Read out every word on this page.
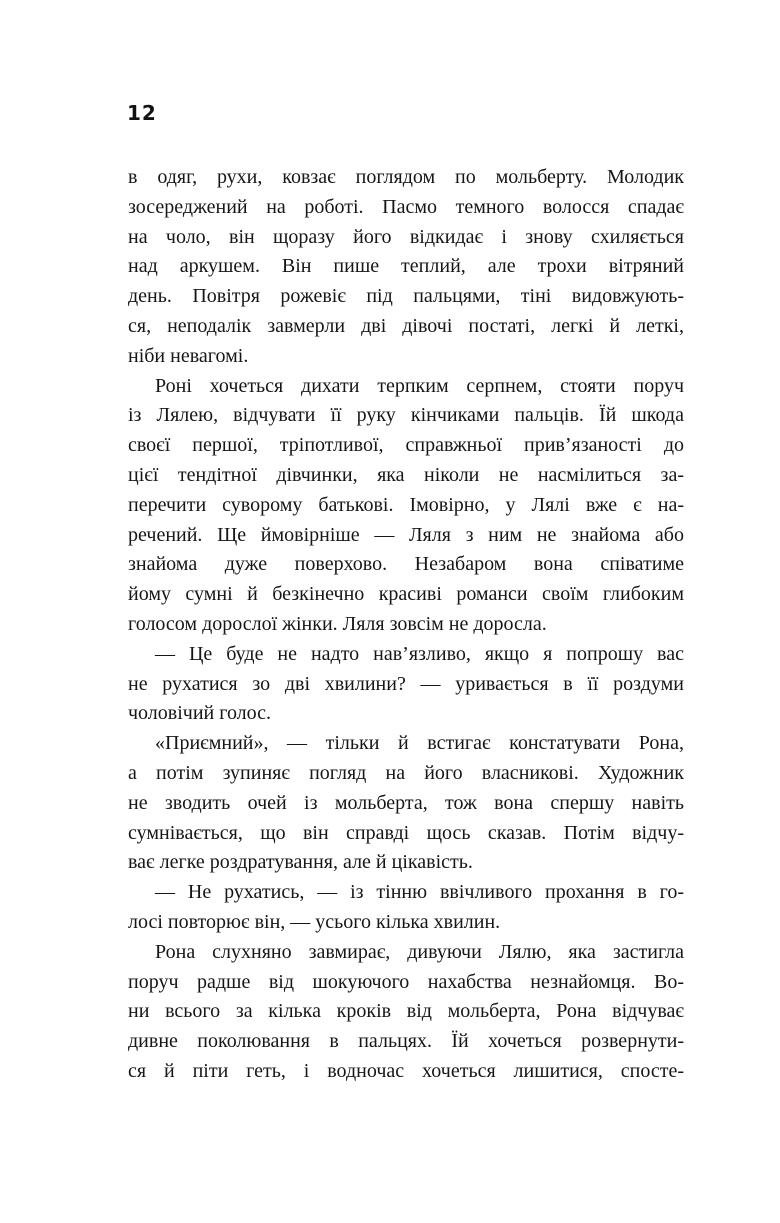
12
в одяг, рухи, ковзає поглядом по мольберту. Молодик
зосереджений на роботі. Пасмо темного волосся спадає
на чоло, він щоразу його відкидає і знову схиляється
над аркушем. Він пише теплий, але трохи вітряний
день. Повітря рожевіє під пальцями, тіні видовжують-
ся, неподалік завмерли дві дівочі постаті, легкі й леткі,
ніби невагомі.
Роні хочеться дихати терпким серпнем, стояти поруч
із Лялею, відчувати її руку кінчиками пальців. Їй шкода
своєї першої, тріпотливої, справжньої прив’язаності до
цієї тендітної дівчинки, яка ніколи не насмілиться за-
перечити суворому батькові. Імовірно, у Лялі вже є на-
речений. Ще ймовірніше — Ляля з ним не знайома або
знайома дуже поверхово. Незабаром вона співатиме
йому сумні й безкінечно красиві романси своїм глибоким
голосом дорослої жінки. Ляля зовсім не доросла.
— Це буде не надто нав’язливо, якщо я попрошу вас
не рухатися зо дві хвилини? — уривається в її роздуми
чоловічий голос.
«Приємний», — тільки й встигає констатувати Рона,
а потім зупиняє погляд на його власникові. Художник
не зводить очей із мольберта, тож вона спершу навіть
сумнівається, що він справді щось сказав. Потім відчу-
ває легке роздратування, але й цікавість.
— Не рухатись, — із тінню ввічливого прохання в го-
лосі повторює він, — усього кілька хвилин.
Рона слухняно завмирає, дивуючи Лялю, яка застигла
поруч радше від шокуючого нахабства незнайомця. Во-
ни всього за кілька кроків від мольберта, Рона відчуває
дивне поколювання в пальцях. Їй хочеться розвернути-
ся й піти геть, і водночас хочеться лишитися, спосте-
